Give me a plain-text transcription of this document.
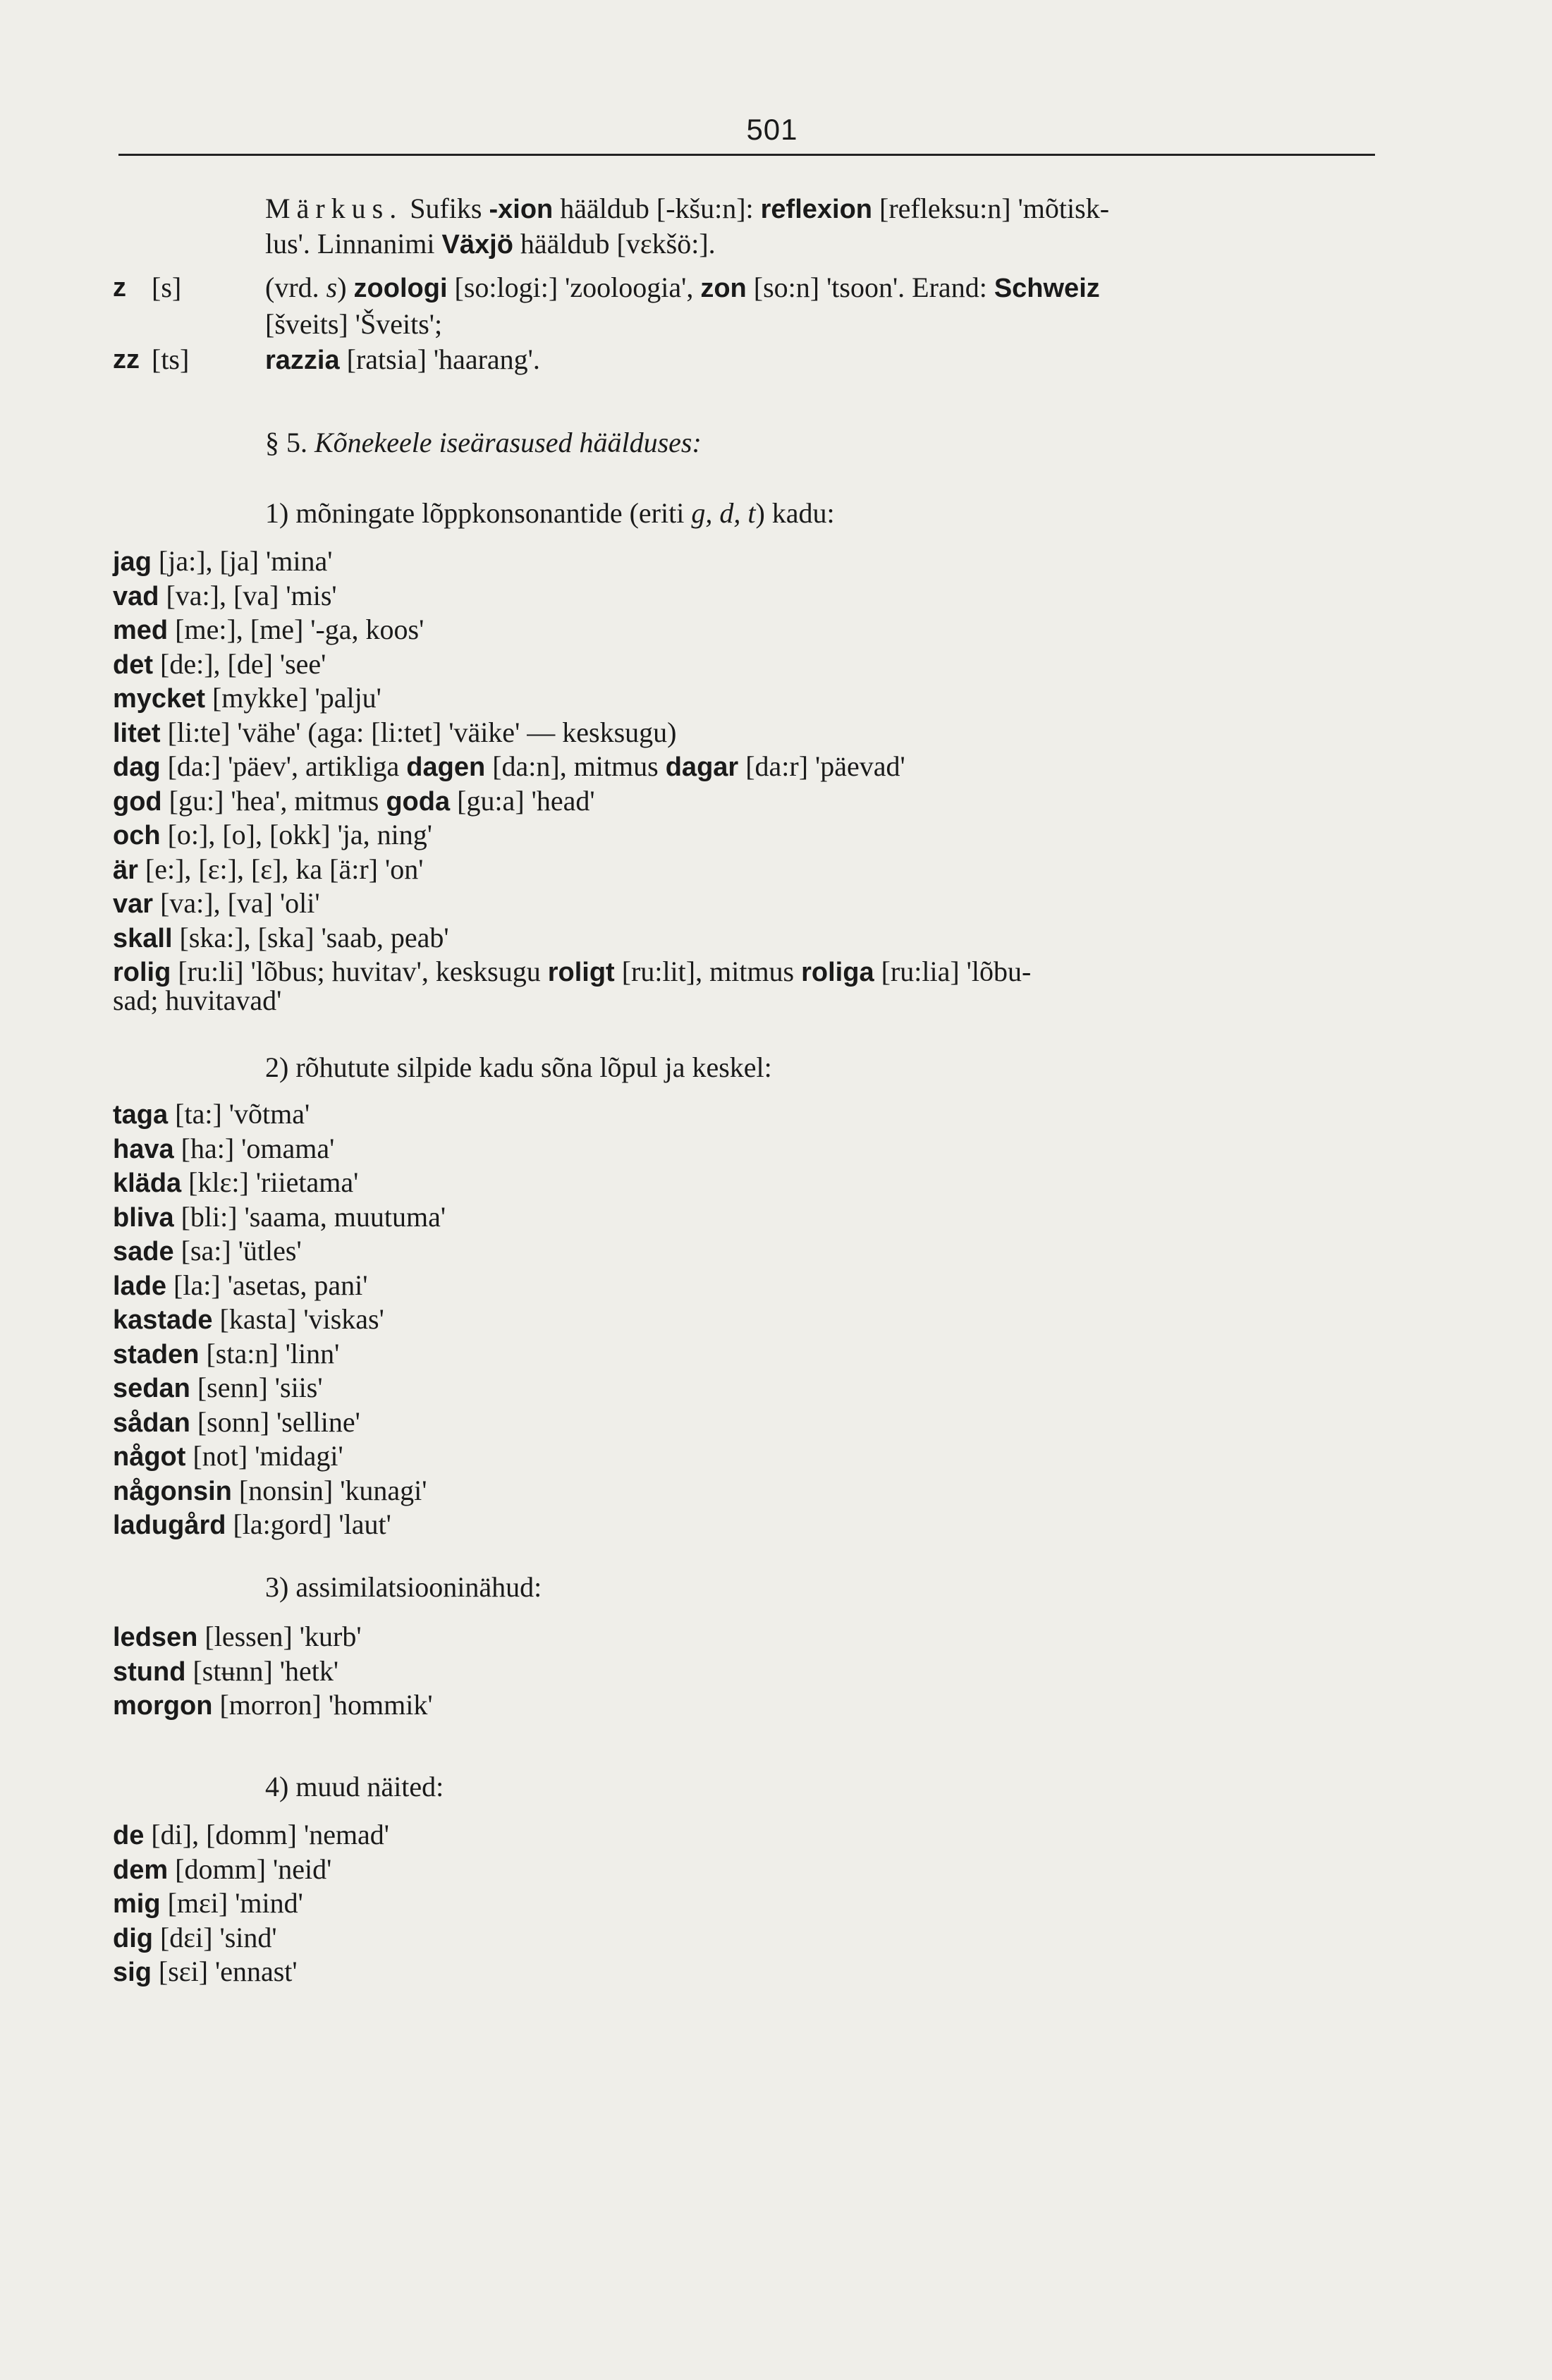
501
Märkus. Sufiks -xion hääldub [-kšu:n]: reflexion [refleksu:n] 'mõtisk-
lus'. Linnanimi Växjö hääldub [vɛkšö:].
z [s]	(vrd. s) zoologi [so:logi:] 'zooloogia', zon [so:n] 'tsoon'. Erand: Schweiz
[šveits] 'Šveits';
zz [ts]	razzia [ratsia] 'haarang'.
§ 5. Kõnekeele iseärasused häälduses:
1) mõningate lõppkonsonantide (eriti g, d, t) kadu:
jag [ja:], [ja] 'mina'
vad [va:], [va] 'mis'
med [me:], [me] '-ga, koos'
det [de:], [de] 'see'
mycket [mykke] 'palju'
litet [li:te] 'vähe' (aga: [li:tet] 'väike' — kesksugu)
dag [da:] 'päev', artikliga dagen [da:n], mitmus dagar [da:r] 'päevad'
god [gu:] 'hea', mitmus goda [gu:a] 'head'
och [o:], [o], [okk] 'ja, ning'
är [e:], [ɛ:], [ɛ], ka [ä:r] 'on'
var [va:], [va] 'oli'
skall [ska:], [ska] 'saab, peab'
rolig [ru:li] 'lõbus; huvitav', kesksugu roligt [ru:lit], mitmus roliga [ru:lia] 'lõbu-
sad; huvitavad'
2) rõhutute silpide kadu sõna lõpul ja keskel:
taga [ta:] 'võtma'
hava [ha:] 'omama'
kläda [klɛ:] 'riietama'
bliva [bli:] 'saama, muutuma'
sade [sa:] 'ütles'
lade [la:] 'asetas, pani'
kastade [kasta] 'viskas'
staden [sta:n] 'linn'
sedan [senn] 'siis'
sådan [sonn] 'selline'
något [not] 'midagi'
någonsin [nonsin] 'kunagi'
ladugård [la:gord] 'laut'
3) assimilatsiooninähud:
ledsen [lessen] 'kurb'
stund [stʉnn] 'hetk'
morgon [morron] 'hommik'
4) muud näited:
de [di], [domm] 'nemad'
dem [domm] 'neid'
mig [mɛi] 'mind'
dig [dɛi] 'sind'
sig [sɛi] 'ennast'
